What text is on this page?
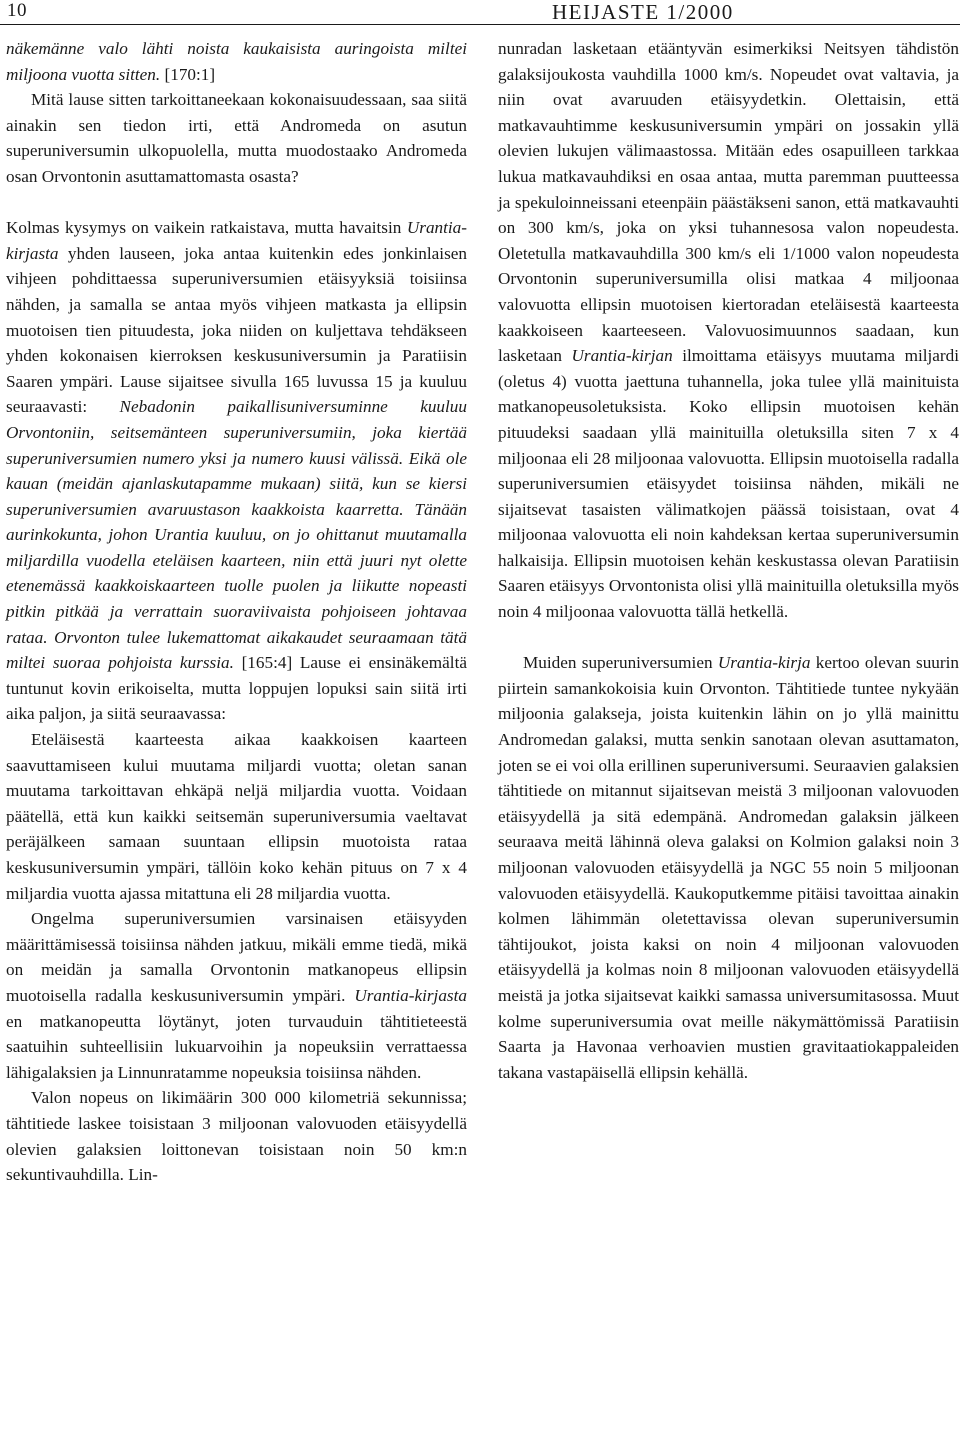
10	HEIJASTE 1/2000

näkemänne valo lähti noista kaukaisista auringoista miltei miljoona vuotta sitten. [170:1]

Mitä lause sitten tarkoittaneekaan kokonaisuudessaan, saa siitä ainakin sen tiedon irti, että Andromeda on asutun superuniversumin ulkopuolella, mutta muodostaako Andromeda osan Orvontonin asuttamattomasta osasta?

Kolmas kysymys on vaikein ratkaistava, mutta havaitsin Urantia-kirjasta yhden lauseen, joka antaa kuitenkin edes jonkinlaisen vihjeen pohdittaessa superuniversumien etäisyyksiä toisiinsa nähden, ja samalla se antaa myös vihjeen matkasta ja ellipsin muotoisen tien pituudesta, joka niiden on kuljettava tehdäkseen yhden kokonaisen kierroksen keskusuniversumin ja Paratiisin Saaren ympäri. Lause sijaitsee sivulla 165 luvussa 15 ja kuuluu seuraavasti: Nebadonin paikallisuniversuminne kuuluu Orvontoniin, seitsemänteen superuniversumiin, joka kiertää superuniversumien numero yksi ja numero kuusi välissä. Eikä ole kauan (meidän ajanlaskutapamme mukaan) siitä, kun se kiersi superuniversumien avaruustason kaakkoista kaarretta. Tänään aurinkokunta, johon Urantia kuuluu, on jo ohittanut muutamalla miljardilla vuodella eteläisen kaarteen, niin että juuri nyt olette etenemässä kaakkoiskaarteen tuolle puolen ja liikutte nopeasti pitkin pitkää ja verrattain suoraviivaista pohjoiseen johtavaa rataa. Orvonton tulee lukemattomat aikakaudet seuraamaan tätä miltei suoraa pohjoista kurssia. [165:4] Lause ei ensinäkemältä tuntunut kovin erikoiselta, mutta loppujen lopuksi sain siitä irti aika paljon, ja siitä seuraavassa:

Eteläisestä kaarteesta aikaa kaakkoisen kaarteen saavuttamiseen kului muutama miljardi vuotta; oletan sanan muutama tarkoittavan ehkäpä neljä miljardia vuotta. Voidaan päätellä, että kun kaikki seitsemän superuniversumia vaeltavat peräjälkeen samaan suuntaan ellipsin muotoista rataa keskusuniversumin ympäri, tällöin koko kehän pituus on 7 x 4 miljardia vuotta ajassa mitattuna eli 28 miljardia vuotta.

Ongelma superuniversumien varsinaisen etäisyyden määrittämisessä toisiinsa nähden jatkuu, mikäli emme tiedä, mikä on meidän ja samalla Orvontonin matkanopeus ellipsin muotoisella radalla keskusuniversumin ympäri. Urantia-kirjasta en matkanopeutta löytänyt, joten turvauduin tähtitieteestä saatuihin suhteellisiin lukuarvoihin ja nopeuksiin verrattaessa lähigalaksien ja Linnunratamme nopeuksia toisiinsa nähden.

Valon nopeus on likimäärin 300 000 kilometriä sekunnissa; tähtitiede laskee toisistaan 3 miljoonan valovuoden etäisyydellä olevien galaksien loittonevan toisistaan noin 50 km:n sekuntivauhdilla. Lin-

nunradan lasketaan etääntyvän esimerkiksi Neitsyen tähdistön galaksijoukosta vauhdilla 1000 km/s. Nopeudet ovat valtavia, ja niin ovat avaruuden etäisyydetkin. Olettaisin, että matkavauhtimme keskusuniversumin ympäri on jossakin yllä olevien lukujen välimaastossa. Mitään edes osapuilleen tarkkaa lukua matkavauhdiksi en osaa antaa, mutta paremman puutteessa ja spekuloinneissani eteenpäin päästäkseni sanon, että matkavauhti on 300 km/s, joka on yksi tuhannesosa valon nopeudesta. Oletetulla matkavauhdilla 300 km/s eli 1/1000 valon nopeudesta Orvontonin superuniversumilla olisi matkaa 4 miljoonaa valovuotta ellipsin muotoisen kiertoradan eteläisestä kaarteesta kaakkoiseen kaarteeseen. Valovuosimuunnos saadaan, kun lasketaan Urantia-kirjan ilmoittama etäisyys muutama miljardi (oletus 4) vuotta jaettuna tuhannella, joka tulee yllä mainituista matkanopeusoletuksista. Koko ellipsin muotoisen kehän pituudeksi saadaan yllä mainituilla oletuksilla siten 7 x 4 miljoonaa eli 28 miljoonaa valovuotta. Ellipsin muotoisella radalla superuniversumien etäisyydet toisiinsa nähden, mikäli ne sijaitsevat tasaisten välimatkojen päässä toisistaan, ovat 4 miljoonaa valovuotta eli noin kahdeksan kertaa superuniversumin halkaisija. Ellipsin muotoisen kehän keskustassa olevan Paratiisin Saaren etäisyys Orvontonista olisi yllä mainituilla oletuksilla myös noin 4 miljoonaa valovuotta tällä hetkellä.

Muiden superuniversumien Urantia-kirja kertoo olevan suurin piirtein samankokoisia kuin Orvonton. Tähtitiede tuntee nykyään miljoonia galakseja, joista kuitenkin lähin on jo yllä mainittu Andromedan galaksi, mutta senkin sanotaan olevan asuttamaton, joten se ei voi olla erillinen superuniversumi. Seuraavien galaksien tähtitiede on mitannut sijaitsevan meistä 3 miljoonan valovuoden etäisyydellä ja sitä edempänä. Andromedan galaksin jälkeen seuraava meitä lähinnä oleva galaksi on Kolmion galaksi noin 3 miljoonan valovuoden etäisyydellä ja NGC 55 noin 5 miljoonan valovuoden etäisyydellä. Kaukoputkemme pitäisi tavoittaa ainakin kolmen lähimmän oletettavissa olevan superuniversumin tähtijoukot, joista kaksi on noin 4 miljoonan valovuoden etäisyydellä ja kolmas noin 8 miljoonan valovuoden etäisyydellä meistä ja jotka sijaitsevat kaikki samassa universumitasossa. Muut kolme superuniversumia ovat meille näkymättömissä Paratiisin Saarta ja Havonaa verhoavien mustien gravitaatiokappaleiden takana vastapäisellä ellipsin kehällä.
